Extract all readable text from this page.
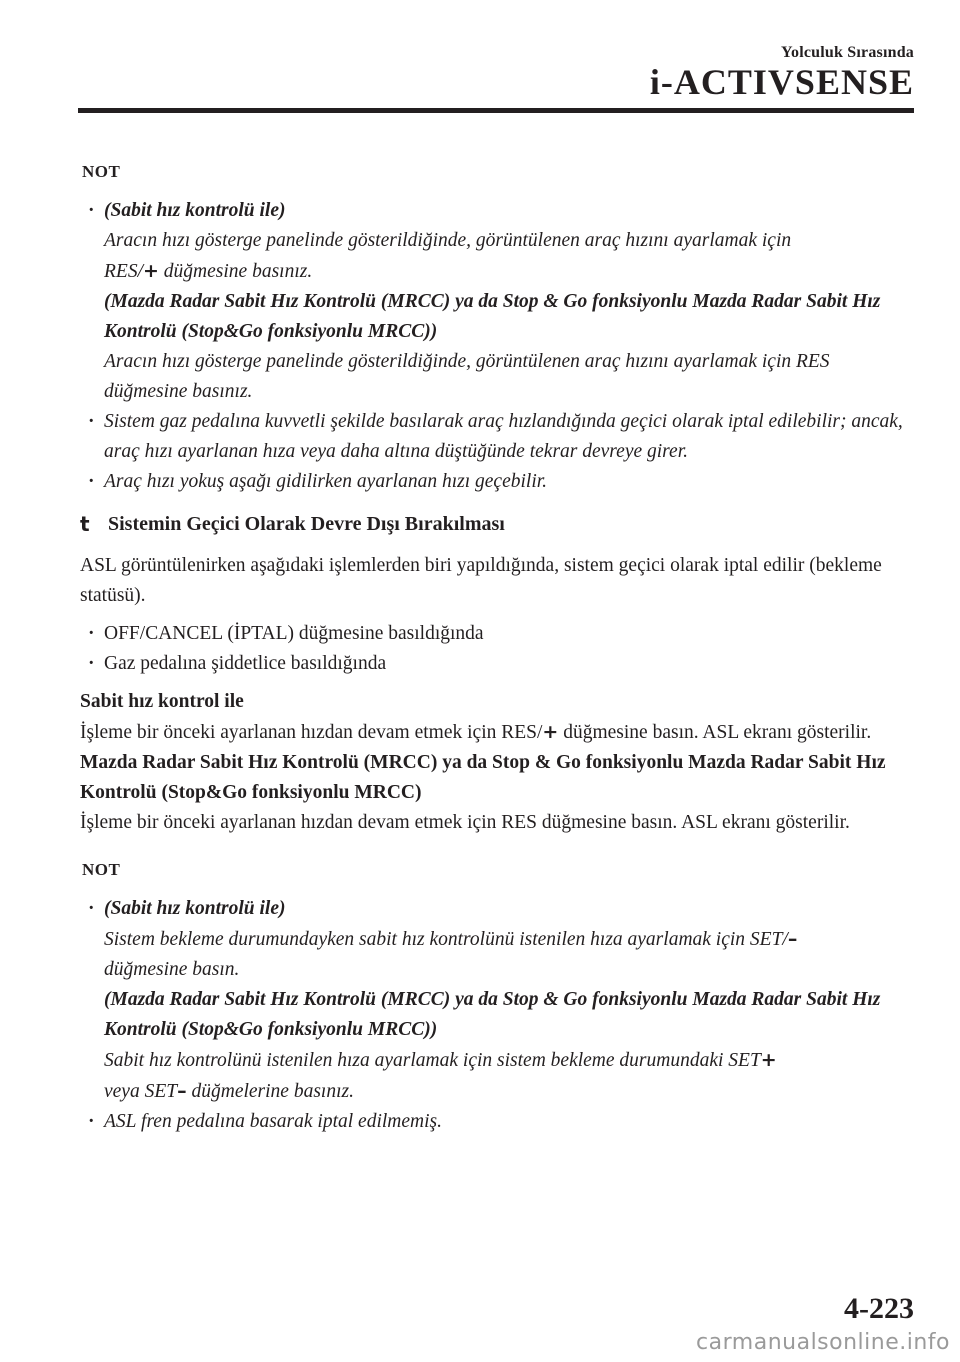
Yolculuk Sırasında
i-ACTIVSENSE
NOT
· (Sabit hız kontrolü ile)
Aracın hızı gösterge panelinde gösterildiğinde, görüntülenen araç hızını ayarlamak için
RES/+ düğmesine basınız.
(Mazda Radar Sabit Hız Kontrolü (MRCC) ya da Stop & Go fonksiyonlu Mazda Radar Sabit Hız Kontrolü (Stop&Go fonksiyonlu MRCC))
Aracın hızı gösterge panelinde gösterildiğinde, görüntülenen araç hızını ayarlamak için RES düğmesine basınız.
· Sistem gaz pedalına kuvvetli şekilde basılarak araç hızlandığında geçici olarak iptal edilebilir; ancak, araç hızı ayarlanan hıza veya daha altına düştüğünde tekrar devreye girer.
· Araç hızı yokuş aşağı gidilirken ayarlanan hızı geçebilir.
t Sistemin Geçici Olarak Devre Dışı Bırakılması

ASL görüntülenirken aşağıdaki işlemlerden biri yapıldığında, sistem geçici olarak iptal edilir (bekleme statüsü).

· OFF/CANCEL (İPTAL) düğmesine basıldığında
· Gaz pedalına şiddetlice basıldığında
Sabit hız kontrol ile

İşleme bir önceki ayarlanan hızdan devam etmek için RES/+ düğmesine basın. ASL ekranı gösterilir.

Mazda Radar Sabit Hız Kontrolü (MRCC) ya da Stop & Go fonksiyonlu Mazda Radar Sabit Hız Kontrolü (Stop&Go fonksiyonlu MRCC)

İşleme bir önceki ayarlanan hızdan devam etmek için RES düğmesine basın. ASL ekranı gösterilir.

NOT
· (Sabit hız kontrolü ile)
Sistem bekleme durumundayken sabit hız kontrolünü istenilen hıza ayarlamak için SET/–
düğmesine basın.
(Mazda Radar Sabit Hız Kontrolü (MRCC) ya da Stop & Go fonksiyonlu Mazda Radar Sabit Hız Kontrolü (Stop&Go fonksiyonlu MRCC))
Sabit hız kontrolünü istenilen hıza ayarlamak için sistem bekleme durumundaki SET+
veya SET– düğmelerine basınız.
· ASL fren pedalına basarak iptal edilmemiş.
4-223
carmanualsonline.info
